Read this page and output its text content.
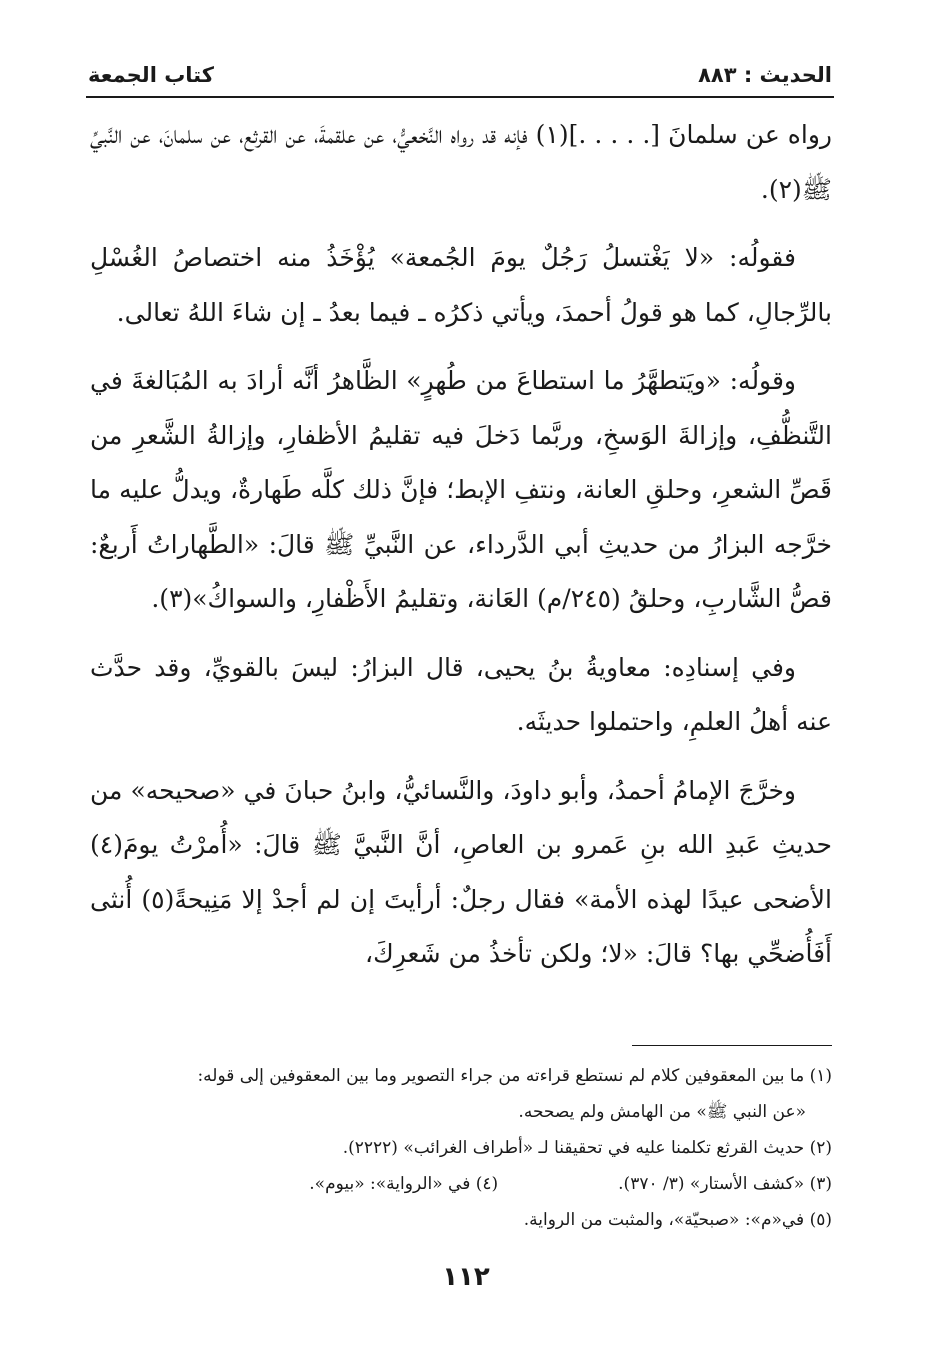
الحديث : ٨٨٣
كتاب الجمعة

رواه عن سلمانَ [. . . . .](١) فإنه قد رواه النَّخعيُّ، عن علقمةَ، عن القرثع، عن سلمانَ، عن النَّبيِّ ﷺ(٢).

فقولُه: «لا يَغْتسلُ رَجُلٌ يومَ الجُمعة» يُؤْخَذُ منه اختصاصُ الغُسْلِ بالرِّجالِ، كما هو قولُ أحمدَ، ويأتي ذكرُه ـ فيما بعدُ ـ إن شاءَ اللهُ تعالى.

وقولُه: «ويَتطهَّرُ ما استطاعَ من طُهرٍ» الظَّاهرُ أنَّه أرادَ به المُبَالغةَ في التَّنظُّفِ، وإزالةَ الوَسخِ، وربَّما دَخلَ فيه تقليمُ الأظفارِ، وإزالةُ الشَّعرِ من قَصِّ الشعرِ، وحلقِ العانة، ونتفِ الإبط؛ فإنَّ ذلك كلَّه طَهارةٌ، ويدلُّ عليه ما خرَّجه البزارُ من حديثِ أبي الدَّرداء، عن النَّبيِّ ﷺ قالَ: «الطَّهاراتُ أَربعٌ: قصُّ الشَّاربِ، وحلقُ (٢٤٥/م) العَانة، وتقليمُ الأَظْفارِ، والسواكُ»(٣).

وفي إسنادِه: معاويةُ بنُ يحيى، قال البزارُ: ليسَ بالقويِّ، وقد حدَّث عنه أهلُ العلمِ، واحتملوا حديثَه.

وخرَّجَ الإمامُ أحمدُ، وأبو داودَ، والنَّسائيُّ، وابنُ حبانَ في «صحيحه» من حديثِ عَبدِ الله بنِ عَمرو بن العاصِ، أنَّ النَّبيَّ ﷺ قالَ: «أُمرْتُ يومَ(٤) الأضحى عيدًا لهذه الأمة» فقال رجلٌ: أرأيتَ إن لم أجدْ إلا مَنِيحةً(٥) أُنثى أَفَأُضحِّي بها؟ قالَ: «لا؛ ولكن تأخذُ من شَعرِكَ،

(١) ما بين المعقوفين كلام لم نستطع قراءته من جراء التصوير وما بين المعقوفين إلى قوله:

«عن النبي ﷺ» من الهامش ولم يصححه.

(٢) حديث القرثع تكلمنا عليه في تحقيقنا لـ «أطراف الغرائب» (٢٢٢٢).

(٣) «كشف الأستار» (٣/ ٣٧٠).

(٤) في «الرواية»: «بيوم».

(٥) في«م»: «صبحيّة»، والمثبت من الرواية.

١١٢
